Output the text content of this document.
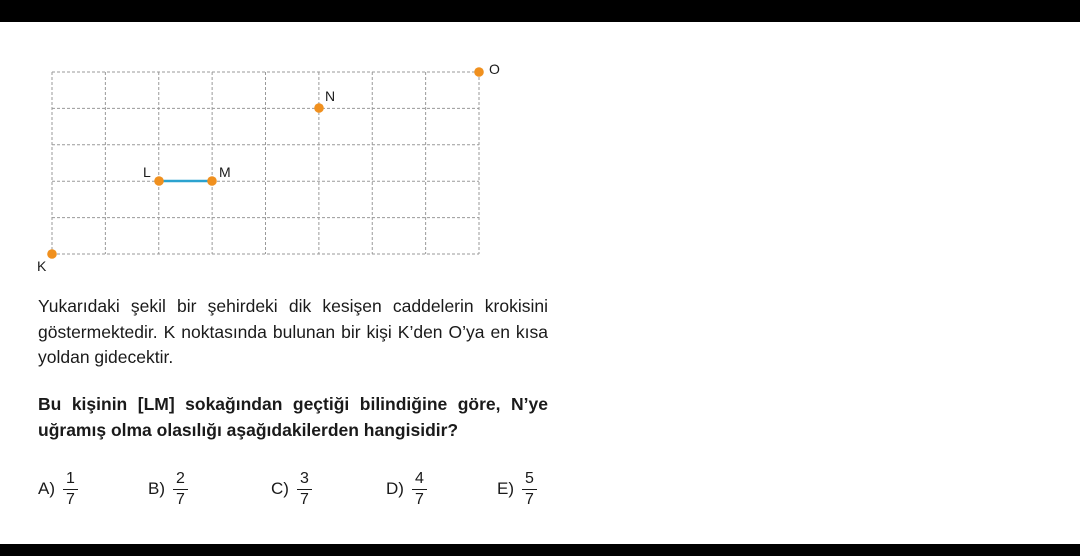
K
L	M
N
O

Yukarıdaki şekil bir şehirdeki dik kesişen caddelerin krokisini göstermektedir. K noktasında bulunan bir kişi K’den O’ya en kısa yoldan gidecektir.

Bu kişinin [LM] sokağından geçtiği bilindiğine göre, N’ye uğramış olma olasılığı aşağıdakilerden hangisidir?

$A) \frac{1}{7}$	$B) \frac{2}{7}$	$C) \frac{3}{7}$	$D) \frac{4}{7}$	$E) \frac{5}{7}$
